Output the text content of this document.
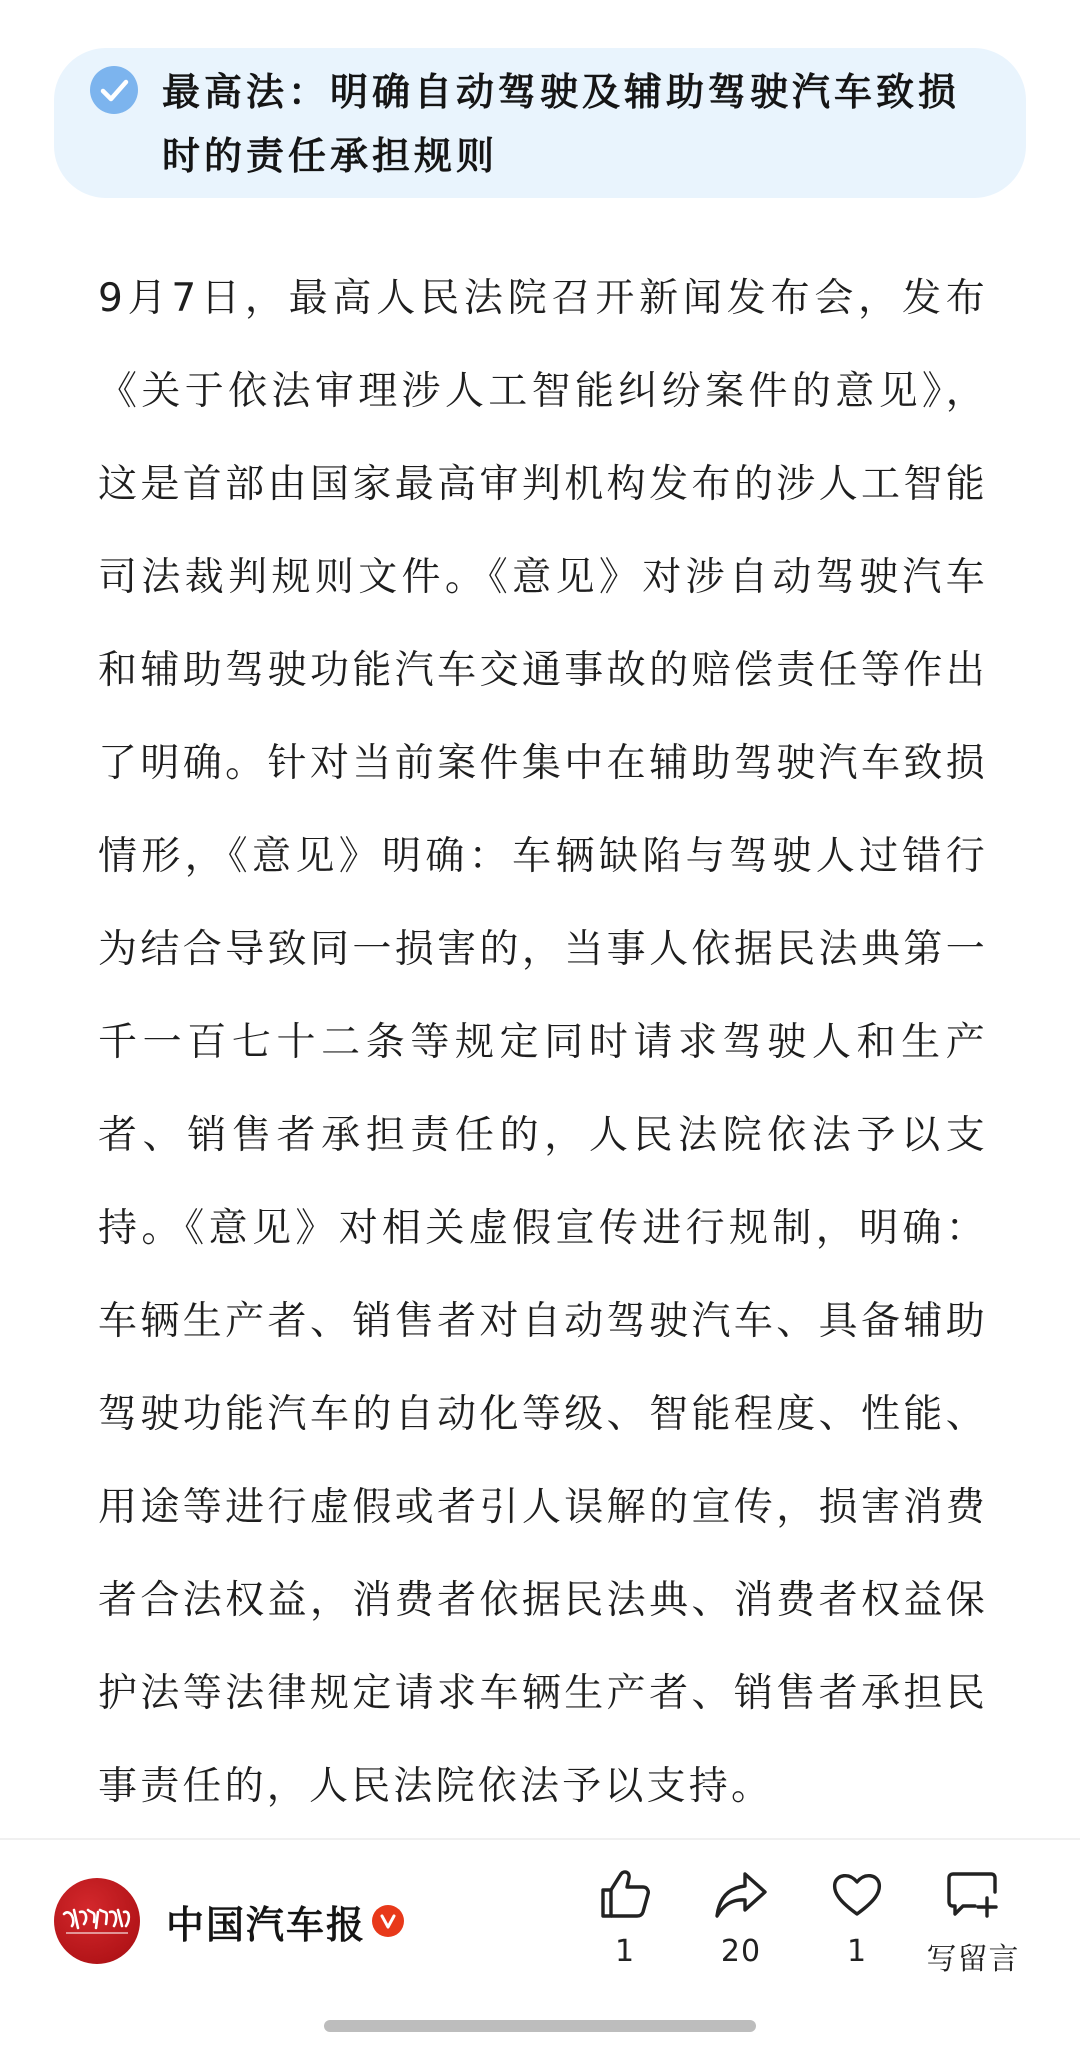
最高法：明确自动驾驶及辅助驾驶汽车致损时的责任承担规则

9月7日，最高人民法院召开新闻发布会，发布《关于依法审理涉人工智能纠纷案件的意见》，这是首部由国家最高审判机构发布的涉人工智能司法裁判规则文件。《意见》对涉自动驾驶汽车和辅助驾驶功能汽车交通事故的赔偿责任等作出了明确。针对当前案件集中在辅助驾驶汽车致损情形，《意见》明确：车辆缺陷与驾驶人过错行为结合导致同一损害的，当事人依据民法典第一千一百七十二条等规定同时请求驾驶人和生产者、销售者承担责任的，人民法院依法予以支持。《意见》对相关虚假宣传进行规制，明确：车辆生产者、销售者对自动驾驶汽车、具备辅助驾驶功能汽车的自动化等级、智能程度、性能、用途等进行虚假或者引人误解的宣传，损害消费者合法权益，消费者依据民法典、消费者权益保护法等法律规定请求车辆生产者、销售者承担民事责任的，人民法院依法予以支持。

中国汽车报
1	20	1 写留言
